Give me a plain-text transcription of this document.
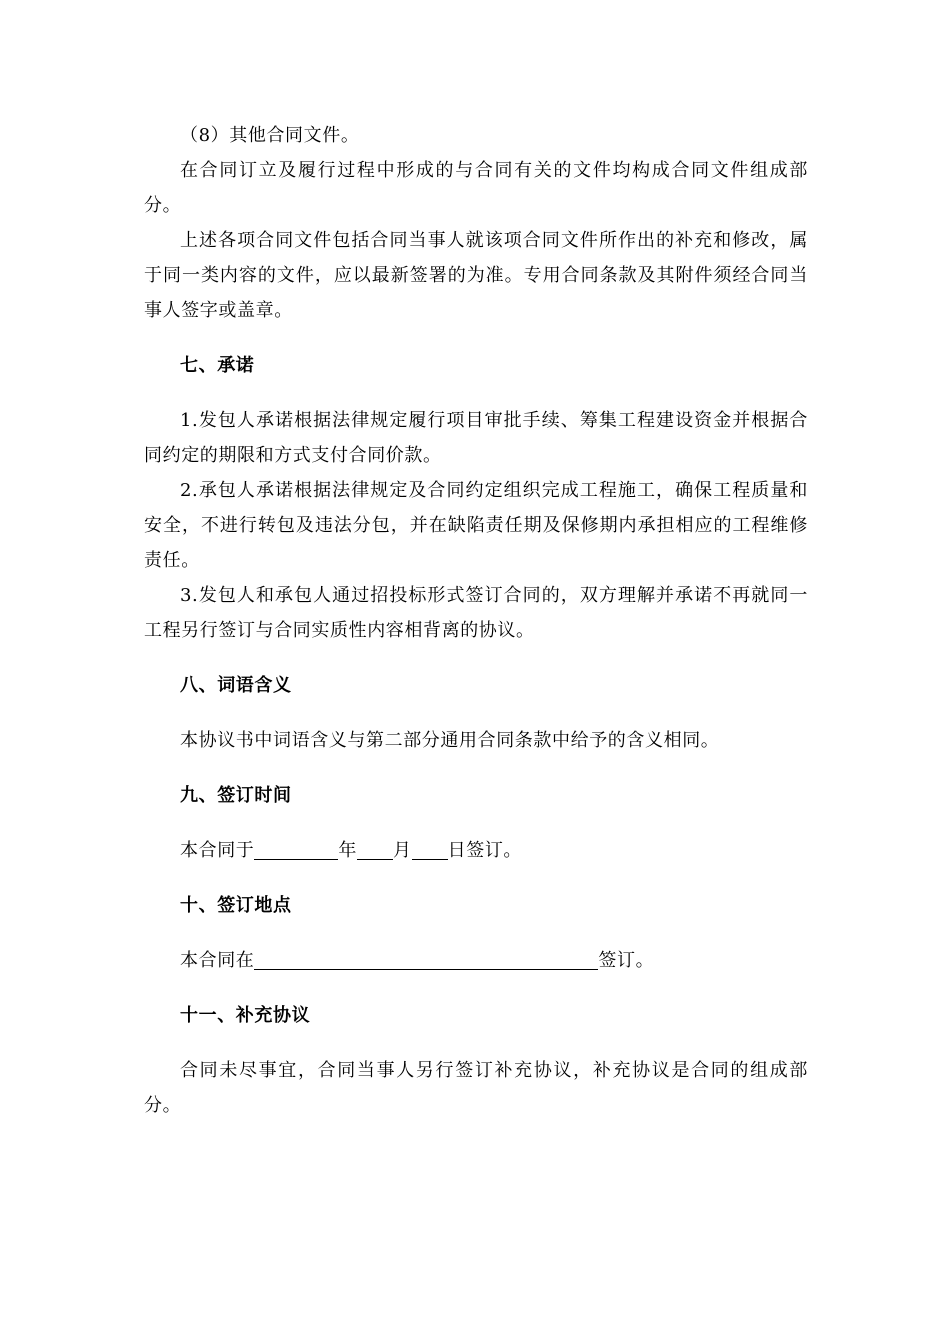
（8）其他合同文件。

在合同订立及履行过程中形成的与合同有关的文件均构成合同文件组成部分。

上述各项合同文件包括合同当事人就该项合同文件所作出的补充和修改，属于同一类内容的文件，应以最新签署的为准。专用合同条款及其附件须经合同当事人签字或盖章。

七、承诺

1.发包人承诺根据法律规定履行项目审批手续、筹集工程建设资金并根据合同约定的期限和方式支付合同价款。

2.承包人承诺根据法律规定及合同约定组织完成工程施工，确保工程质量和安全，不进行转包及违法分包，并在缺陷责任期及保修期内承担相应的工程维修责任。

3.发包人和承包人通过招投标形式签订合同的，双方理解并承诺不再就同一工程另行签订与合同实质性内容相背离的协议。

八、词语含义

本协议书中词语含义与第二部分通用合同条款中给予的含义相同。

九、签订时间

本合同于	年 月 日签订。

十、签订地点

本合同在	签订。

十一、补充协议

合同未尽事宜，合同当事人另行签订补充协议，补充协议是合同的组成部分。
